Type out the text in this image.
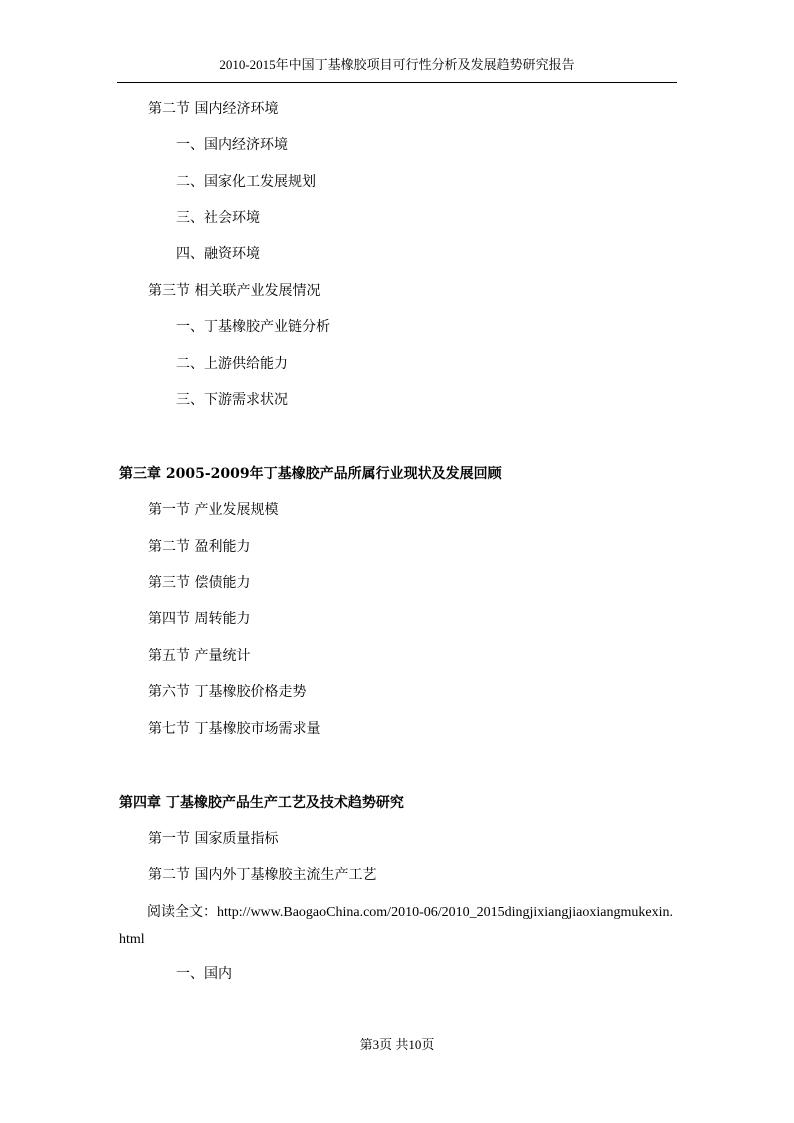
2010-2015年中国丁基橡胶项目可行性分析及发展趋势研究报告
第二节 国内经济环境
一、国内经济环境
二、国家化工发展规划
三、社会环境
四、融资环境
第三节 相关联产业发展情况
一、丁基橡胶产业链分析
二、上游供给能力
三、下游需求状况
第三章 2005-2009年丁基橡胶产品所属行业现状及发展回顾
第一节 产业发展规模
第二节 盈利能力
第三节 偿债能力
第四节 周转能力
第五节 产量统计
第六节 丁基橡胶价格走势
第七节 丁基橡胶市场需求量
第四章 丁基橡胶产品生产工艺及技术趋势研究
第一节 国家质量指标
第二节 国内外丁基橡胶主流生产工艺
阅读全文：http://www.BaogaoChina.com/2010-06/2010_2015dingjixiangjiaoxiangmukexin.html
一、国内
第3页 共10页
